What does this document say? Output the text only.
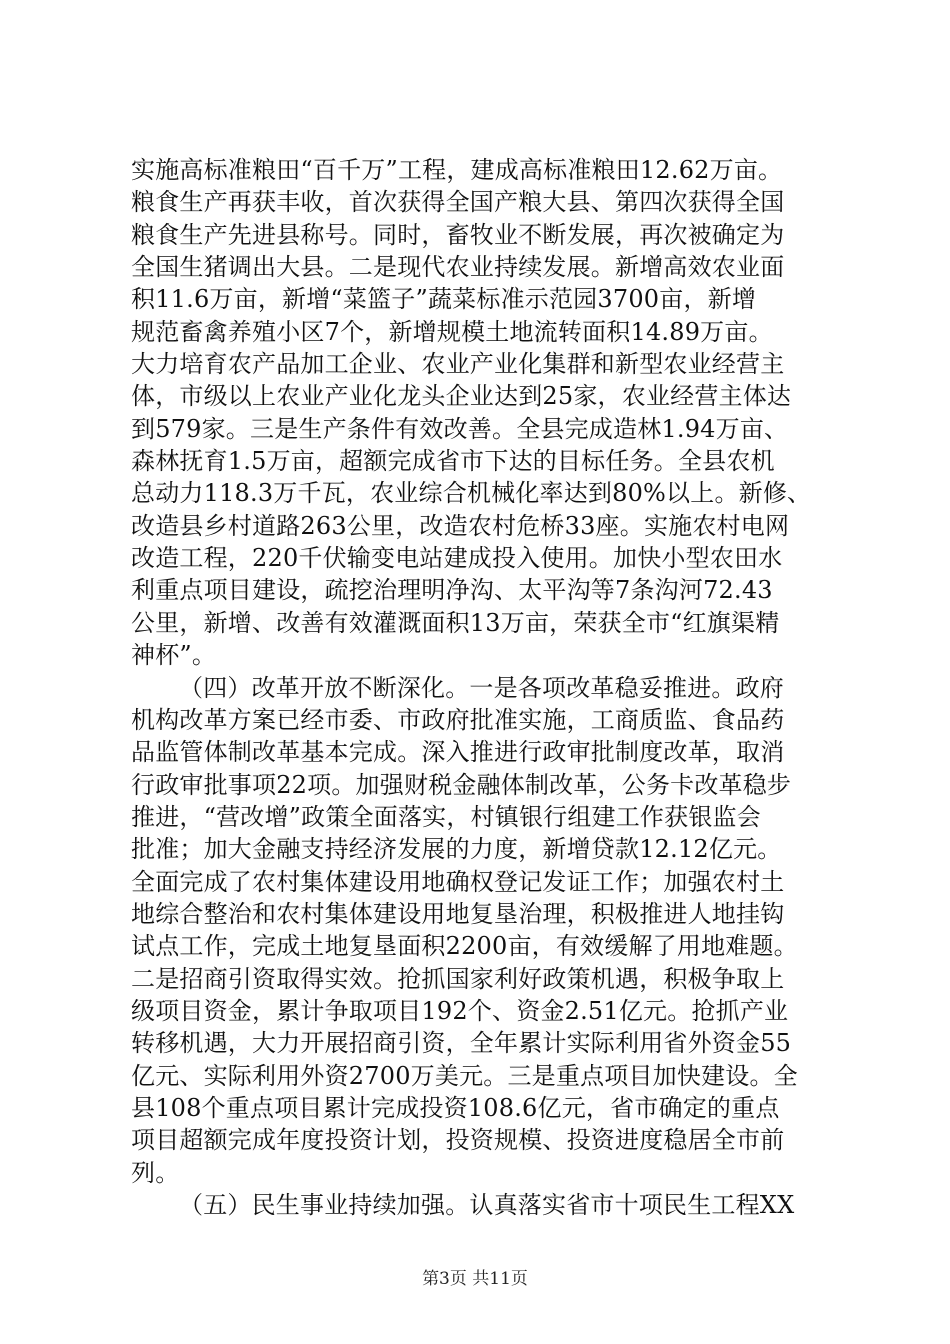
实施高标准粮田“百千万”工程，建成高标准粮田12.62万亩。
粮食生产再获丰收，首次获得全国产粮大县、第四次获得全国
粮食生产先进县称号。同时，畜牧业不断发展，再次被确定为
全国生猪调出大县。二是现代农业持续发展。新增高效农业面
积11.6万亩，新增“菜篮子”蔬菜标准示范园3700亩，新增
规范畜禽养殖小区7个，新增规模土地流转面积14.89万亩。
大力培育农产品加工企业、农业产业化集群和新型农业经营主
体，市级以上农业产业化龙头企业达到25家，农业经营主体达
到579家。三是生产条件有效改善。全县完成造林1.94万亩、
森林抚育1.5万亩，超额完成省市下达的目标任务。全县农机
总动力118.3万千瓦，农业综合机械化率达到80%以上。新修、
改造县乡村道路263公里，改造农村危桥33座。实施农村电网
改造工程，220千伏输变电站建成投入使用。加快小型农田水
利重点项目建设，疏挖治理明净沟、太平沟等7条沟河72.43
公里，新增、改善有效灌溉面积13万亩，荣获全市“红旗渠精
神杯”。
（四）改革开放不断深化。一是各项改革稳妥推进。政府
机构改革方案已经市委、市政府批准实施，工商质监、食品药
品监管体制改革基本完成。深入推进行政审批制度改革，取消
行政审批事项22项。加强财税金融体制改革，公务卡改革稳步
推进，“营改增”政策全面落实，村镇银行组建工作获银监会
批准；加大金融支持经济发展的力度，新增贷款12.12亿元。
全面完成了农村集体建设用地确权登记发证工作；加强农村土
地综合整治和农村集体建设用地复垦治理，积极推进人地挂钩
试点工作，完成土地复垦面积2200亩，有效缓解了用地难题。
二是招商引资取得实效。抢抓国家利好政策机遇，积极争取上
级项目资金，累计争取项目192个、资金2.51亿元。抢抓产业
转移机遇，大力开展招商引资，全年累计实际利用省外资金55
亿元、实际利用外资2700万美元。三是重点项目加快建设。全
县108个重点项目累计完成投资108.6亿元，省市确定的重点
项目超额完成年度投资计划，投资规模、投资进度稳居全市前
列。
（五）民生事业持续加强。认真落实省市十项民生工程XX
第3页 共11页
